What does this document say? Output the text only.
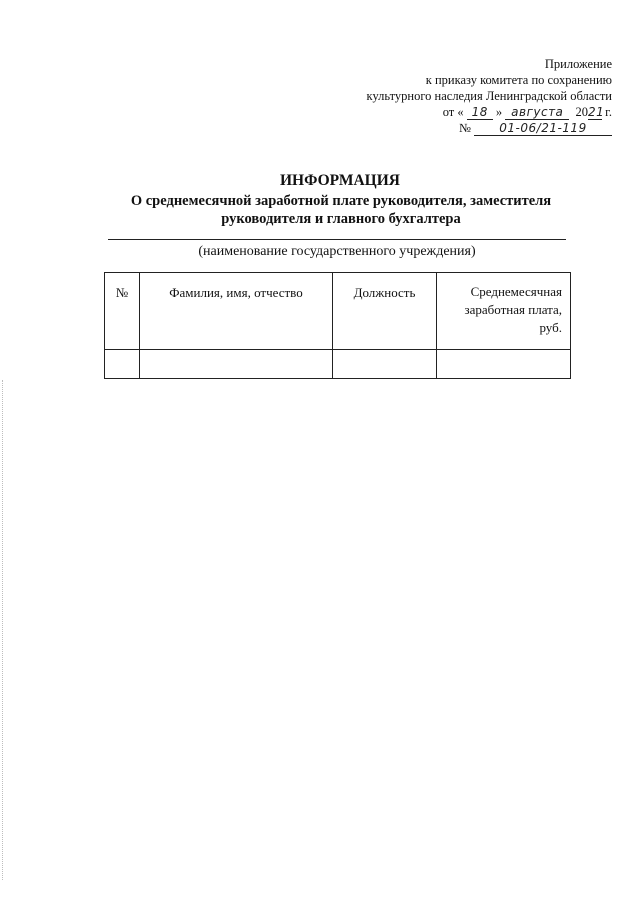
Приложение
к приказу комитета по сохранению
культурного наследия Ленинградской области
от « 18 » августа 2021 г.
№ 01-06/21-119
ИНФОРМАЦИЯ
О среднемесячной заработной плате руководителя, заместителя руководителя и главного бухгалтера
(наименование государственного учреждения)
№	Фамилия, имя, отчество	Должность	Среднемесячная заработная плата, руб.
